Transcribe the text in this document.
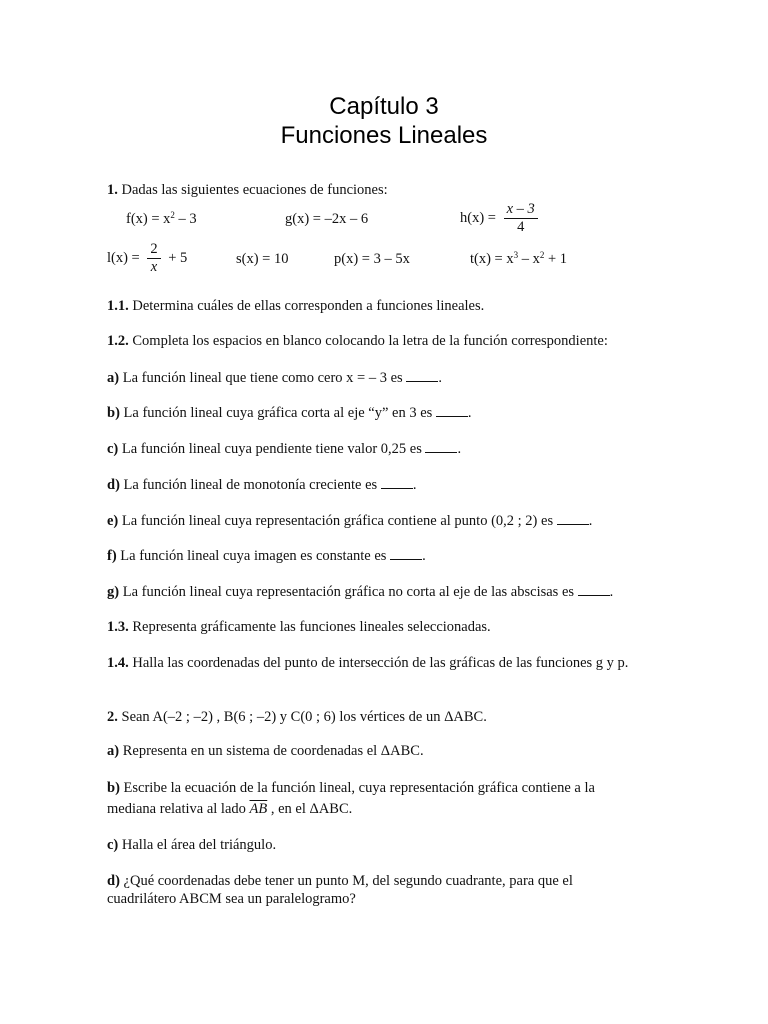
Capítulo 3
Funciones Lineales
1. Dadas las siguientes ecuaciones de funciones:
$f(x) = x^2 - 3$	g(x) = –2x – 6	$h(x) = \frac{x - 3}{4}$
$l(x) = \frac{2}{x} + 5$	s(x) = 10	p(x) = 3 – 5x	$t(x) = x^3 - x^2 + 1$
1.1. Determina cuáles de ellas corresponden a funciones lineales.
1.2. Completa los espacios en blanco colocando la letra de la función correspondiente:
a) La función lineal que tiene como cero x = – 3 es .
b) La función lineal cuya gráfica corta al eje “y” en 3 es .
c) La función lineal cuya pendiente tiene valor 0,25 es .
d) La función lineal de monotonía creciente es .
e) La función lineal cuya representación gráfica contiene al punto (0,2 ; 2) es .
f) La función lineal cuya imagen es constante es .
g) La función lineal cuya representación gráfica no corta al eje de las abscisas es .
1.3. Representa gráficamente las funciones lineales seleccionadas.
1.4. Halla las coordenadas del punto de intersección de las gráficas de las funciones g y p.
2. Sean A(–2 ; –2) , B(6 ; –2) y C(0 ; 6) los vértices de un ΔABC.
a) Representa en un sistema de coordenadas el ΔABC.
b) Escribe la ecuación de la función lineal, cuya representación gráfica contiene a la
mediana relativa al lado $\overline{AB}$ , en el ΔABC.
c) Halla el área del triángulo.
d) ¿Qué coordenadas debe tener un punto M, del segundo cuadrante, para que el
cuadrilátero ABCM sea un paralelogramo?
